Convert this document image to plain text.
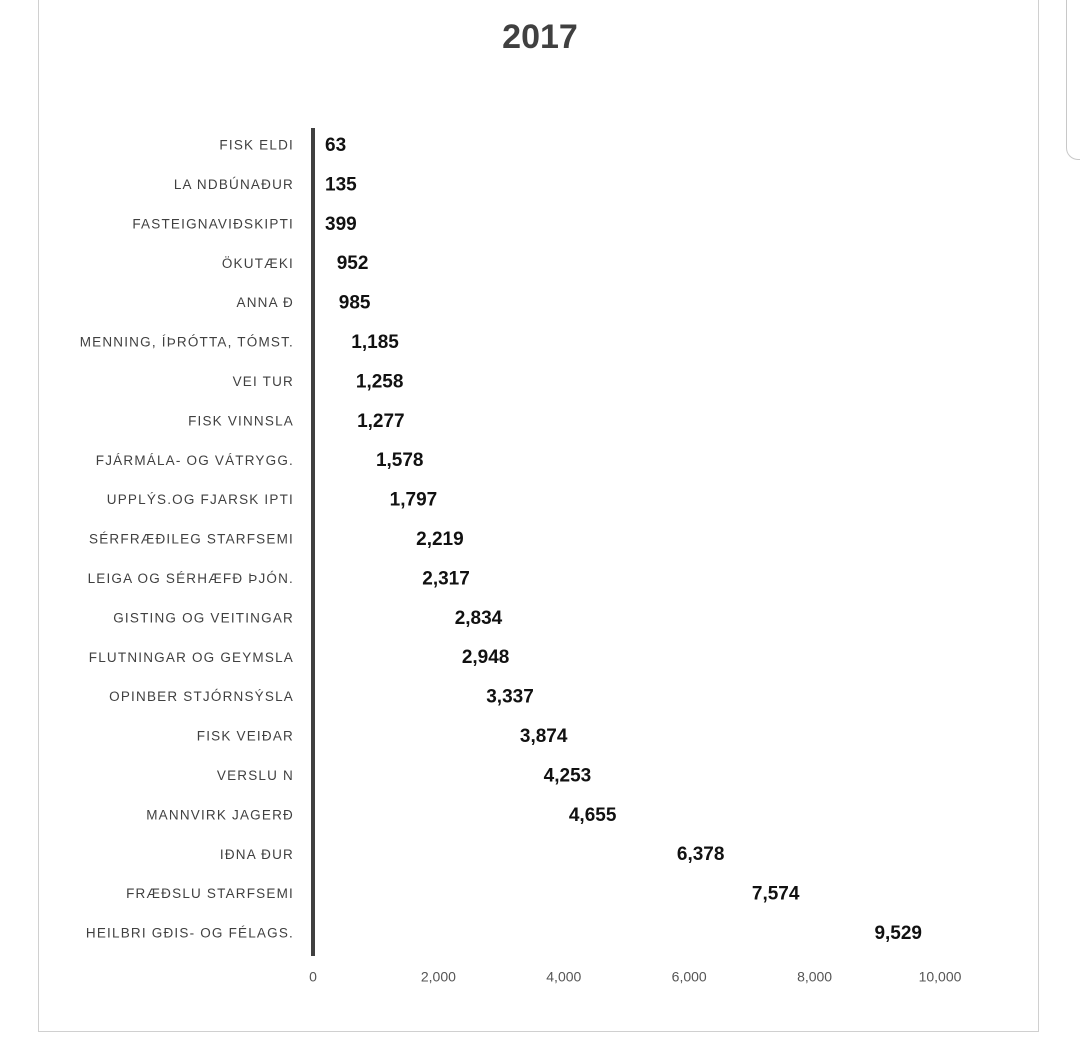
2017
FISK ELDI
LA NDBÚNAÐUR
FASTEIGNAVIÐSKIPTI
ÖKUTÆKI
ANNA Ð
MENNING, ÍÞRÓTTA, TÓMST.
VEI TUR
FISK VINNSLA
FJÁRMÁLA- OG VÁTRYGG.
UPPLÝS.OG FJARSK IPTI
SÉRFRÆÐILEG STARFSEMI
LEIGA OG SÉRHÆFÐ ÞJÓN.
GISTING OG VEITINGAR
FLUTNINGAR OG GEYMSLA
OPINBER STJÓRNSÝSLA
FISK VEIÐAR
VERSLU N
MANNVIRK JAGERÐ
IÐNA ÐUR
FRÆÐSLU STARFSEMI
HEILBRI GÐIS- OG FÉLAGS.
63
135
399
952
985
1,185
1,258
1,277
1,578
1,797
2,219
2,317
2,834
2,948
3,337
3,874
4,253
4,655
6,378
7,574
9,529
0	2,000	4,000	6,000	8,000	10,000
